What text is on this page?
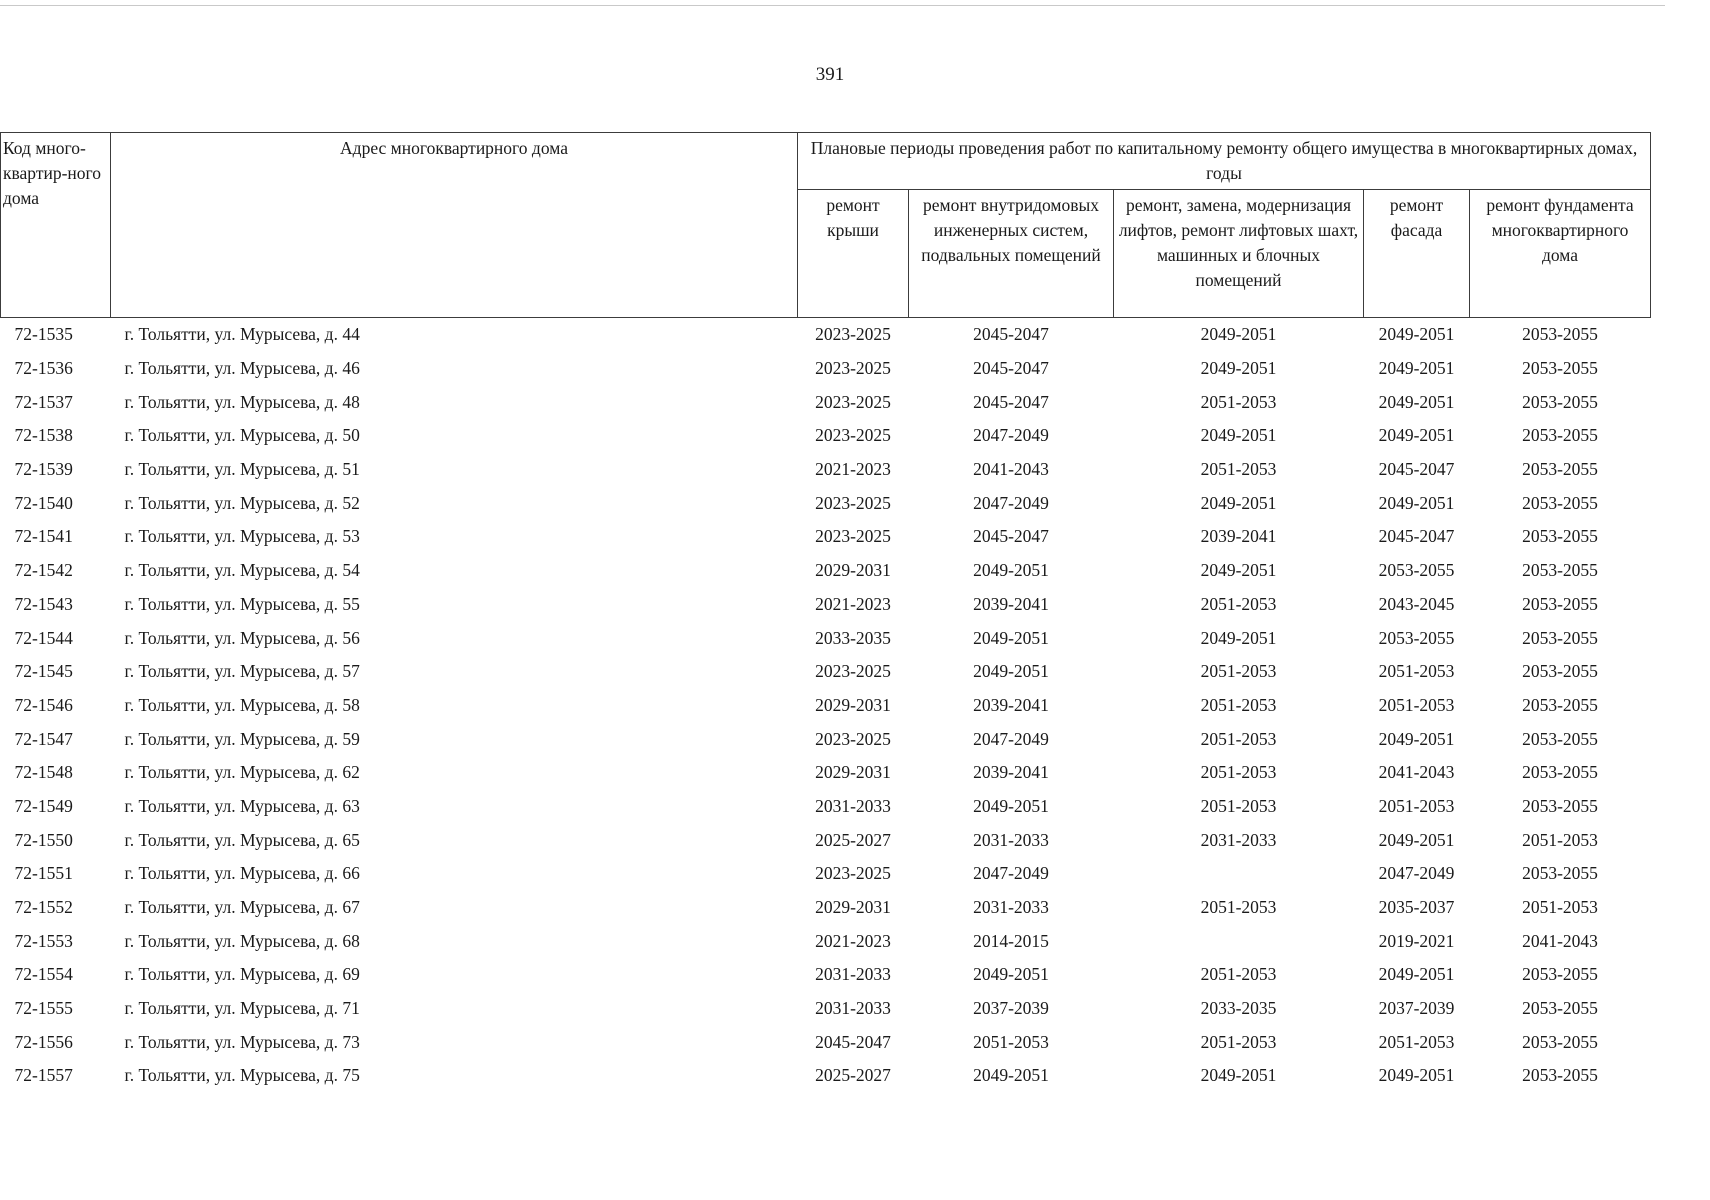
391
Код много-квартир-ного дома	Адрес многоквартирного дома	Плановые периоды проведения работ по капитальному ремонту общего имущества в многоквартирных домах, годы				
		ремонт крыши	ремонт внутридомовых инженерных систем, подвальных помещений	ремонт, замена, модернизация лифтов, ремонт лифтовых шахт, машинных и блочных помещений	ремонт фасада	ремонт фундамента многоквартирного дома
72-1535	г. Тольятти, ул. Мурысева, д. 44	2023-2025	2045-2047	2049-2051	2049-2051	2053-2055
72-1536	г. Тольятти, ул. Мурысева, д. 46	2023-2025	2045-2047	2049-2051	2049-2051	2053-2055
72-1537	г. Тольятти, ул. Мурысева, д. 48	2023-2025	2045-2047	2051-2053	2049-2051	2053-2055
72-1538	г. Тольятти, ул. Мурысева, д. 50	2023-2025	2047-2049	2049-2051	2049-2051	2053-2055
72-1539	г. Тольятти, ул. Мурысева, д. 51	2021-2023	2041-2043	2051-2053	2045-2047	2053-2055
72-1540	г. Тольятти, ул. Мурысева, д. 52	2023-2025	2047-2049	2049-2051	2049-2051	2053-2055
72-1541	г. Тольятти, ул. Мурысева, д. 53	2023-2025	2045-2047	2039-2041	2045-2047	2053-2055
72-1542	г. Тольятти, ул. Мурысева, д. 54	2029-2031	2049-2051	2049-2051	2053-2055	2053-2055
72-1543	г. Тольятти, ул. Мурысева, д. 55	2021-2023	2039-2041	2051-2053	2043-2045	2053-2055
72-1544	г. Тольятти, ул. Мурысева, д. 56	2033-2035	2049-2051	2049-2051	2053-2055	2053-2055
72-1545	г. Тольятти, ул. Мурысева, д. 57	2023-2025	2049-2051	2051-2053	2051-2053	2053-2055
72-1546	г. Тольятти, ул. Мурысева, д. 58	2029-2031	2039-2041	2051-2053	2051-2053	2053-2055
72-1547	г. Тольятти, ул. Мурысева, д. 59	2023-2025	2047-2049	2051-2053	2049-2051	2053-2055
72-1548	г. Тольятти, ул. Мурысева, д. 62	2029-2031	2039-2041	2051-2053	2041-2043	2053-2055
72-1549	г. Тольятти, ул. Мурысева, д. 63	2031-2033	2049-2051	2051-2053	2051-2053	2053-2055
72-1550	г. Тольятти, ул. Мурысева, д. 65	2025-2027	2031-2033	2031-2033	2049-2051	2051-2053
72-1551	г. Тольятти, ул. Мурысева, д. 66	2023-2025	2047-2049		2047-2049	2053-2055
72-1552	г. Тольятти, ул. Мурысева, д. 67	2029-2031	2031-2033	2051-2053	2035-2037	2051-2053
72-1553	г. Тольятти, ул. Мурысева, д. 68	2021-2023	2014-2015		2019-2021	2041-2043
72-1554	г. Тольятти, ул. Мурысева, д. 69	2031-2033	2049-2051	2051-2053	2049-2051	2053-2055
72-1555	г. Тольятти, ул. Мурысева, д. 71	2031-2033	2037-2039	2033-2035	2037-2039	2053-2055
72-1556	г. Тольятти, ул. Мурысева, д. 73	2045-2047	2051-2053	2051-2053	2051-2053	2053-2055
72-1557	г. Тольятти, ул. Мурысева, д. 75	2025-2027	2049-2051	2049-2051	2049-2051	2053-2055
